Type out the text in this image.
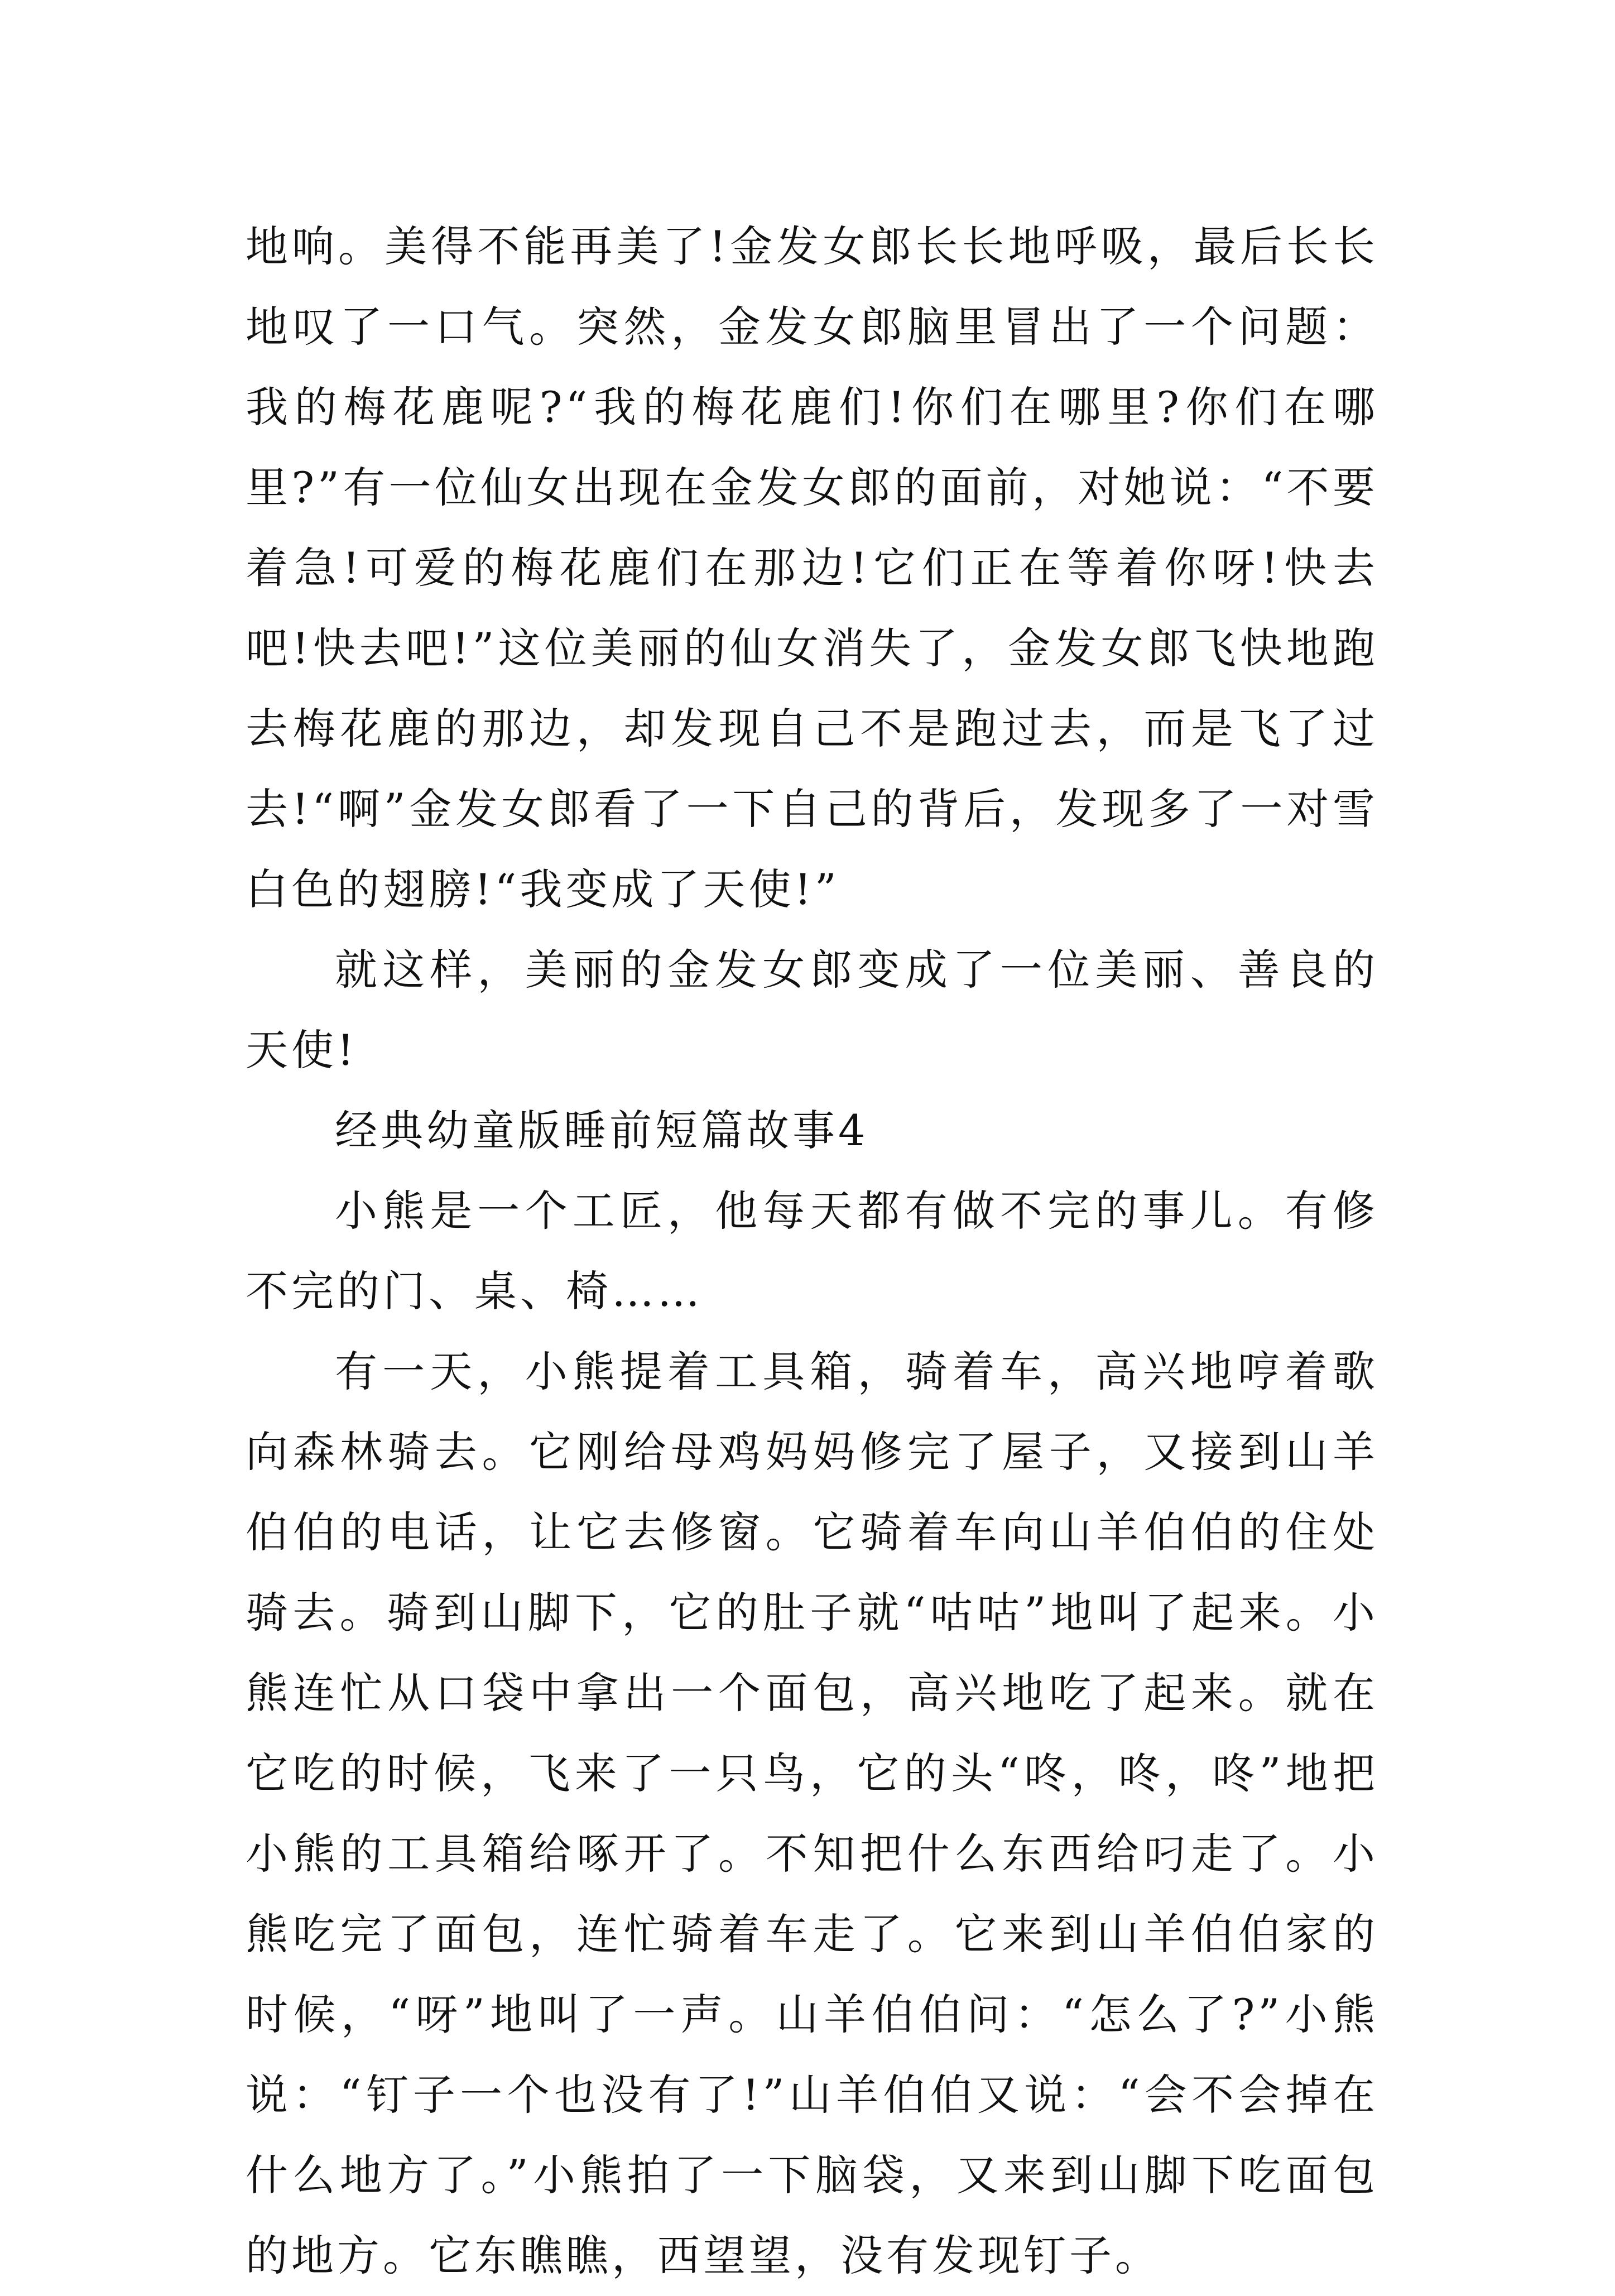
地响。美得不能再美了!金发女郎长长地呼吸，最后长长地叹了一口气。突然，金发女郎脑里冒出了一个问题：我的梅花鹿呢?“我的梅花鹿们!你们在哪里?你们在哪里?”有一位仙女出现在金发女郎的面前，对她说：“不要着急!可爱的梅花鹿们在那边!它们正在等着你呀!快去吧!快去吧!”这位美丽的仙女消失了，金发女郎飞快地跑去梅花鹿的那边，却发现自己不是跑过去，而是飞了过去!“啊”金发女郎看了一下自己的背后，发现多了一对雪白色的翅膀!“我变成了天使!”

就这样，美丽的金发女郎变成了一位美丽、善良的天使!

经典幼童版睡前短篇故事4

小熊是一个工匠，他每天都有做不完的事儿。有修不完的门、桌、椅……

有一天，小熊提着工具箱，骑着车，高兴地哼着歌向森林骑去。它刚给母鸡妈妈修完了屋子，又接到山羊伯伯的电话，让它去修窗。它骑着车向山羊伯伯的住处骑去。骑到山脚下，它的肚子就“咕咕”地叫了起来。小熊连忙从口袋中拿出一个面包，高兴地吃了起来。就在它吃的时候，飞来了一只鸟，它的头“咚，咚，咚”地把小熊的工具箱给啄开了。不知把什么东西给叼走了。小熊吃完了面包，连忙骑着车走了。它来到山羊伯伯家的时候，“呀”地叫了一声。山羊伯伯问：“怎么了?”小熊说：“钉子一个也没有了!”山羊伯伯又说：“会不会掉在什么地方了。”小熊拍了一下脑袋，又来到山脚下吃面包的地方。它东瞧瞧，西望望，没有发现钉子。
